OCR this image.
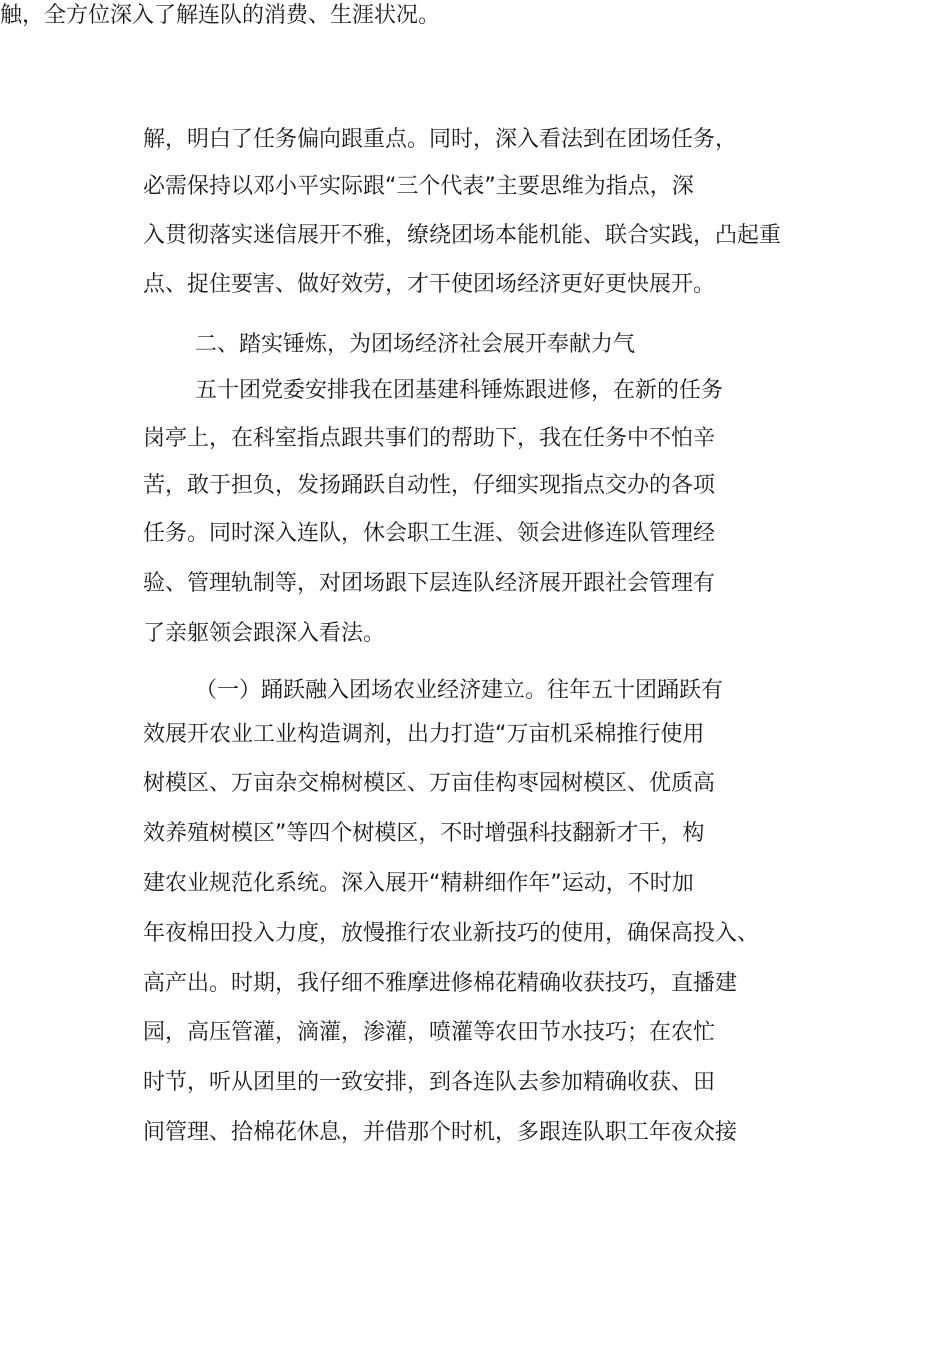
触，全方位深入了解连队的消费、生涯状况。

解，明白了任务偏向跟重点。同时，深入看法到在团场任务，

必需保持以邓小平实际跟“三个代表”主要思维为指点，深

入贯彻落实迷信展开不雅，缭绕团场本能机能、联合实践，凸起重

点、捉住要害、做好效劳，才干使团场经济更好更快展开。

二、踏实锤炼，为团场经济社会展开奉献力气

五十团党委安排我在团基建科锤炼跟进修，在新的任务

岗亭上，在科室指点跟共事们的帮助下，我在任务中不怕辛

苦，敢于担负，发扬踊跃自动性，仔细实现指点交办的各项

任务。同时深入连队，休会职工生涯、领会进修连队管理经

验、管理轨制等，对团场跟下层连队经济展开跟社会管理有

了亲躯领会跟深入看法。

（一）踊跃融入团场农业经济建立。往年五十团踊跃有

效展开农业工业构造调剂，出力打造“万亩机采棉推行使用

树模区、万亩杂交棉树模区、万亩佳构枣园树模区、优质高

效养殖树模区”等四个树模区，不时增强科技翻新才干，构

建农业规范化系统。深入展开“精耕细作年”运动，不时加

年夜棉田投入力度，放慢推行农业新技巧的使用，确保高投入、

高产出。时期，我仔细不雅摩进修棉花精确收获技巧，直播建

园，高压管灌，滴灌，渗灌，喷灌等农田节水技巧；在农忙

时节，听从团里的一致安排，到各连队去参加精确收获、田

间管理、拾棉花休息，并借那个时机，多跟连队职工年夜众接
